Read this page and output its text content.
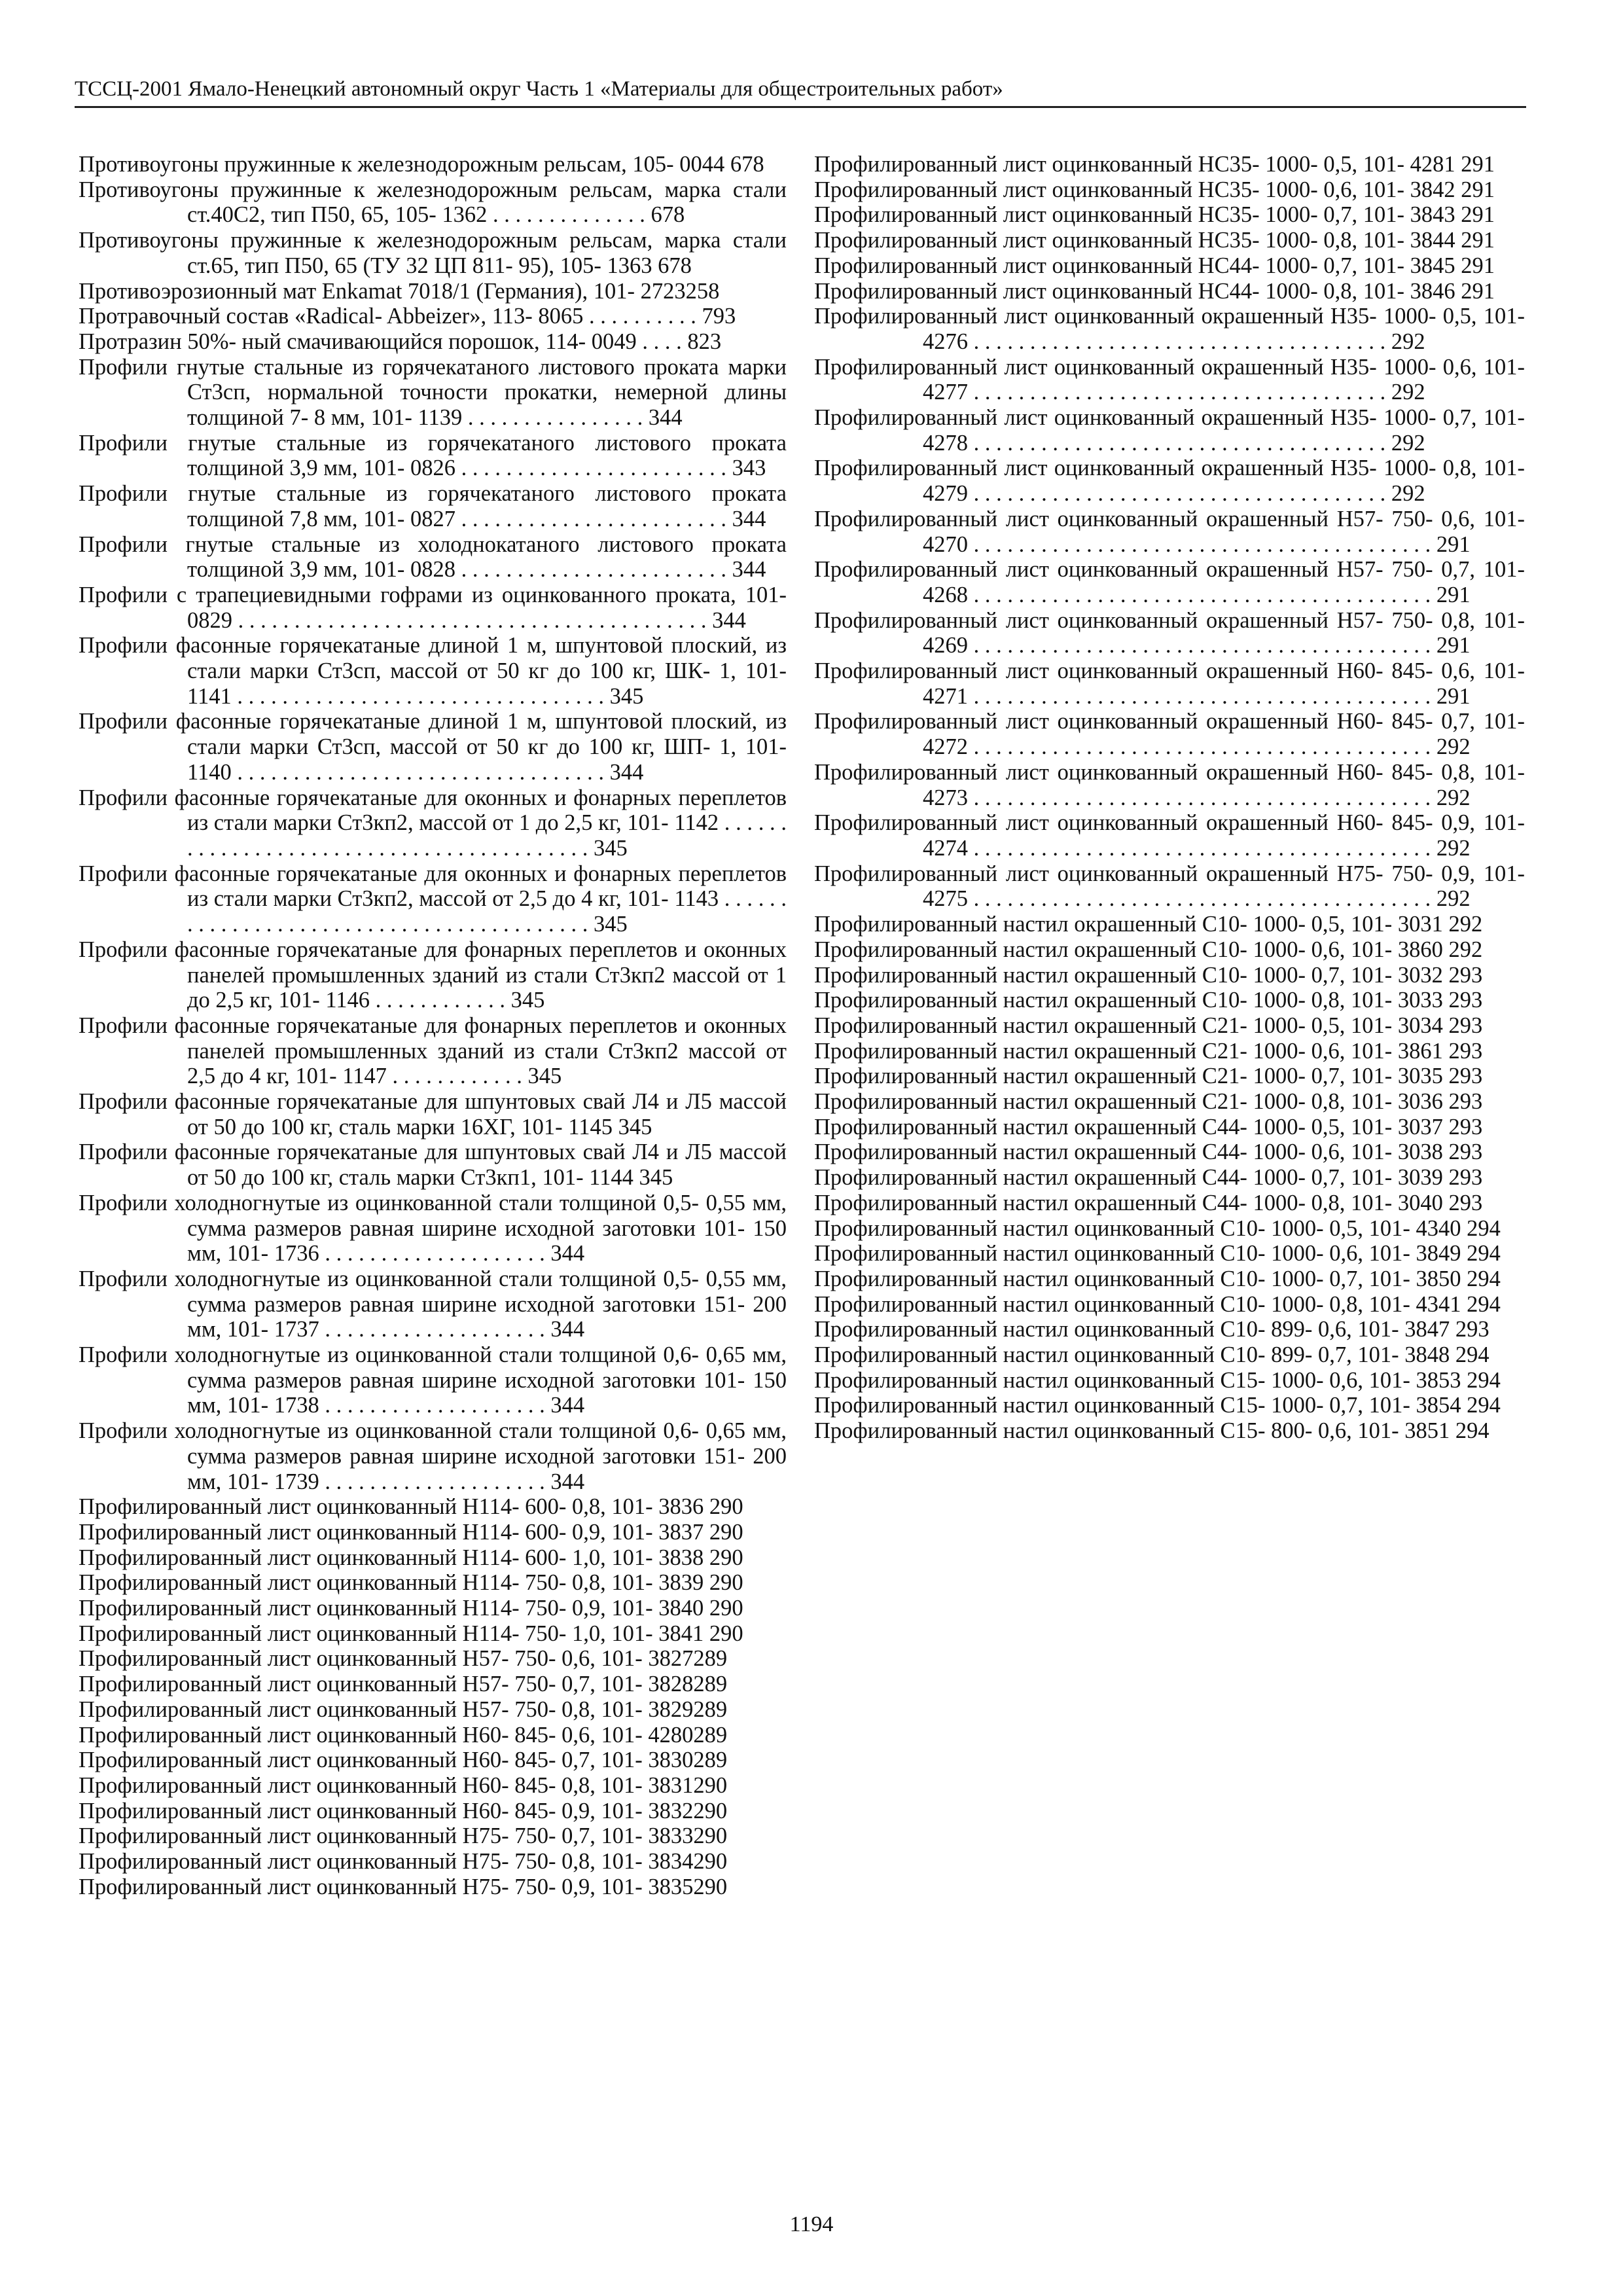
ТССЦ-2001 Ямало-Ненецкий автономный округ Часть 1 «Материалы для общестроительных работ»

Противоугоны пружинные к железнодорожным рельсам, 105- 0044 678

Противоугоны пружинные к железнодорожным рельсам, марка стали ст.40С2, тип П50, 65, 105- 1362 . . . . . . . . . . . . . . 678

Противоугоны пружинные к железнодорожным рельсам, марка стали ст.65, тип П50, 65 (ТУ 32 ЦП 811- 95), 105- 1363 678

Противоэрозионный мат Enkamat 7018/1 (Германия), 101- 2723258

Протравочный состав «Radical- Abbeizer», 113- 8065 . . . . . . . . . . 793

Протразин 50%- ный смачивающийся порошок, 114- 0049 . . . . 823

Профили гнутые стальные из горячекатаного листового проката марки Ст3сп, нормальной точности прокатки, немерной длины толщиной 7- 8 мм, 101- 1139 . . . . . . . . . . . . . . . . 344

Профили гнутые стальные из горячекатаного листового проката толщиной 3,9 мм, 101- 0826 . . . . . . . . . . . . . . . . . . . . . . . . 343

Профили гнутые стальные из горячекатаного листового проката толщиной 7,8 мм, 101- 0827 . . . . . . . . . . . . . . . . . . . . . . . . 344

Профили гнутые стальные из холоднокатаного листового проката толщиной 3,9 мм, 101- 0828 . . . . . . . . . . . . . . . . . . . . . . . . 344

Профили с трапециевидными гофрами из оцинкованного проката, 101- 0829 . . . . . . . . . . . . . . . . . . . . . . . . . . . . . . . . . . . . . . . . . . 344

Профили фасонные горячекатаные длиной 1 м, шпунтовой плоский, из стали марки Ст3сп, массой от 50 кг до 100 кг, ШК- 1, 101- 1141 . . . . . . . . . . . . . . . . . . . . . . . . . . . . . . . . . 345

Профили фасонные горячекатаные длиной 1 м, шпунтовой плоский, из стали марки Ст3сп, массой от 50 кг до 100 кг, ШП- 1, 101- 1140 . . . . . . . . . . . . . . . . . . . . . . . . . . . . . . . . . 344

Профили фасонные горячекатаные для оконных и фонарных переплетов из стали марки Ст3кп2, массой от 1 до 2,5 кг, 101- 1142 . . . . . . . . . . . . . . . . . . . . . . . . . . . . . . . . . . . . . . . . . . 345

Профили фасонные горячекатаные для оконных и фонарных переплетов из стали марки Ст3кп2, массой от 2,5 до 4 кг, 101- 1143 . . . . . . . . . . . . . . . . . . . . . . . . . . . . . . . . . . . . . . . . . . 345

Профили фасонные горячекатаные для фонарных переплетов и оконных панелей промышленных зданий из стали Ст3кп2 массой от 1 до 2,5 кг, 101- 1146 . . . . . . . . . . . . 345

Профили фасонные горячекатаные для фонарных переплетов и оконных панелей промышленных зданий из стали Ст3кп2 массой от 2,5 до 4 кг, 101- 1147 . . . . . . . . . . . . 345

Профили фасонные горячекатаные для шпунтовых свай Л4 и Л5 массой от 50 до 100 кг, сталь марки 16ХГ, 101- 1145 345

Профили фасонные горячекатаные для шпунтовых свай Л4 и Л5 массой от 50 до 100 кг, сталь марки Ст3кп1, 101- 1144 345

Профили холодногнутые из оцинкованной стали толщиной 0,5- 0,55 мм, сумма размеров равная ширине исходной заготовки 101- 150 мм, 101- 1736 . . . . . . . . . . . . . . . . . . . . 344

Профили холодногнутые из оцинкованной стали толщиной 0,5- 0,55 мм, сумма размеров равная ширине исходной заготовки 151- 200 мм, 101- 1737 . . . . . . . . . . . . . . . . . . . . 344

Профили холодногнутые из оцинкованной стали толщиной 0,6- 0,65 мм, сумма размеров равная ширине исходной заготовки 101- 150 мм, 101- 1738 . . . . . . . . . . . . . . . . . . . . 344

Профили холодногнутые из оцинкованной стали толщиной 0,6- 0,65 мм, сумма размеров равная ширине исходной заготовки 151- 200 мм, 101- 1739 . . . . . . . . . . . . . . . . . . . . 344

Профилированный лист оцинкованный Н114- 600- 0,8, 101- 3836 290

Профилированный лист оцинкованный Н114- 600- 0,9, 101- 3837 290

Профилированный лист оцинкованный Н114- 600- 1,0, 101- 3838 290

Профилированный лист оцинкованный Н114- 750- 0,8, 101- 3839 290

Профилированный лист оцинкованный Н114- 750- 0,9, 101- 3840 290

Профилированный лист оцинкованный Н114- 750- 1,0, 101- 3841 290

Профилированный лист оцинкованный Н57- 750- 0,6, 101- 3827289

Профилированный лист оцинкованный Н57- 750- 0,7, 101- 3828289

Профилированный лист оцинкованный Н57- 750- 0,8, 101- 3829289

Профилированный лист оцинкованный Н60- 845- 0,6, 101- 4280289

Профилированный лист оцинкованный Н60- 845- 0,7, 101- 3830289

Профилированный лист оцинкованный Н60- 845- 0,8, 101- 3831290

Профилированный лист оцинкованный Н60- 845- 0,9, 101- 3832290

Профилированный лист оцинкованный Н75- 750- 0,7, 101- 3833290

Профилированный лист оцинкованный Н75- 750- 0,8, 101- 3834290

Профилированный лист оцинкованный Н75- 750- 0,9, 101- 3835290

Профилированный лист оцинкованный НС35- 1000- 0,5, 101- 4281 291

Профилированный лист оцинкованный НС35- 1000- 0,6, 101- 3842 291

Профилированный лист оцинкованный НС35- 1000- 0,7, 101- 3843 291

Профилированный лист оцинкованный НС35- 1000- 0,8, 101- 3844 291

Профилированный лист оцинкованный НС44- 1000- 0,7, 101- 3845 291

Профилированный лист оцинкованный НС44- 1000- 0,8, 101- 3846 291

Профилированный лист оцинкованный окрашенный Н35- 1000- 0,5, 101- 4276 . . . . . . . . . . . . . . . . . . . . . . . . . . . . . . . . . . . . . 292

Профилированный лист оцинкованный окрашенный Н35- 1000- 0,6, 101- 4277 . . . . . . . . . . . . . . . . . . . . . . . . . . . . . . . . . . . . . 292

Профилированный лист оцинкованный окрашенный Н35- 1000- 0,7, 101- 4278 . . . . . . . . . . . . . . . . . . . . . . . . . . . . . . . . . . . . . 292

Профилированный лист оцинкованный окрашенный Н35- 1000- 0,8, 101- 4279 . . . . . . . . . . . . . . . . . . . . . . . . . . . . . . . . . . . . . 292

Профилированный лист оцинкованный окрашенный Н57- 750- 0,6, 101- 4270 . . . . . . . . . . . . . . . . . . . . . . . . . . . . . . . . . . . . . . . . . 291

Профилированный лист оцинкованный окрашенный Н57- 750- 0,7, 101- 4268 . . . . . . . . . . . . . . . . . . . . . . . . . . . . . . . . . . . . . . . . . 291

Профилированный лист оцинкованный окрашенный Н57- 750- 0,8, 101- 4269 . . . . . . . . . . . . . . . . . . . . . . . . . . . . . . . . . . . . . . . . . 291

Профилированный лист оцинкованный окрашенный Н60- 845- 0,6, 101- 4271 . . . . . . . . . . . . . . . . . . . . . . . . . . . . . . . . . . . . . . . . . 291

Профилированный лист оцинкованный окрашенный Н60- 845- 0,7, 101- 4272 . . . . . . . . . . . . . . . . . . . . . . . . . . . . . . . . . . . . . . . . . 292

Профилированный лист оцинкованный окрашенный Н60- 845- 0,8, 101- 4273 . . . . . . . . . . . . . . . . . . . . . . . . . . . . . . . . . . . . . . . . . 292

Профилированный лист оцинкованный окрашенный Н60- 845- 0,9, 101- 4274 . . . . . . . . . . . . . . . . . . . . . . . . . . . . . . . . . . . . . . . . . 292

Профилированный лист оцинкованный окрашенный Н75- 750- 0,9, 101- 4275 . . . . . . . . . . . . . . . . . . . . . . . . . . . . . . . . . . . . . . . . . 292

Профилированный настил окрашенный С10- 1000- 0,5, 101- 3031 292

Профилированный настил окрашенный С10- 1000- 0,6, 101- 3860 292

Профилированный настил окрашенный С10- 1000- 0,7, 101- 3032 293

Профилированный настил окрашенный С10- 1000- 0,8, 101- 3033 293

Профилированный настил окрашенный С21- 1000- 0,5, 101- 3034 293

Профилированный настил окрашенный С21- 1000- 0,6, 101- 3861 293

Профилированный настил окрашенный С21- 1000- 0,7, 101- 3035 293

Профилированный настил окрашенный С21- 1000- 0,8, 101- 3036 293

Профилированный настил окрашенный С44- 1000- 0,5, 101- 3037 293

Профилированный настил окрашенный С44- 1000- 0,6, 101- 3038 293

Профилированный настил окрашенный С44- 1000- 0,7, 101- 3039 293

Профилированный настил окрашенный С44- 1000- 0,8, 101- 3040 293

Профилированный настил оцинкованный С10- 1000- 0,5, 101- 4340 294

Профилированный настил оцинкованный С10- 1000- 0,6, 101- 3849 294

Профилированный настил оцинкованный С10- 1000- 0,7, 101- 3850 294

Профилированный настил оцинкованный С10- 1000- 0,8, 101- 4341 294

Профилированный настил оцинкованный С10- 899- 0,6, 101- 3847 293

Профилированный настил оцинкованный С10- 899- 0,7, 101- 3848 294

Профилированный настил оцинкованный С15- 1000- 0,6, 101- 3853 294

Профилированный настил оцинкованный С15- 1000- 0,7, 101- 3854 294

Профилированный настил оцинкованный С15- 800- 0,6, 101- 3851 294

1194
